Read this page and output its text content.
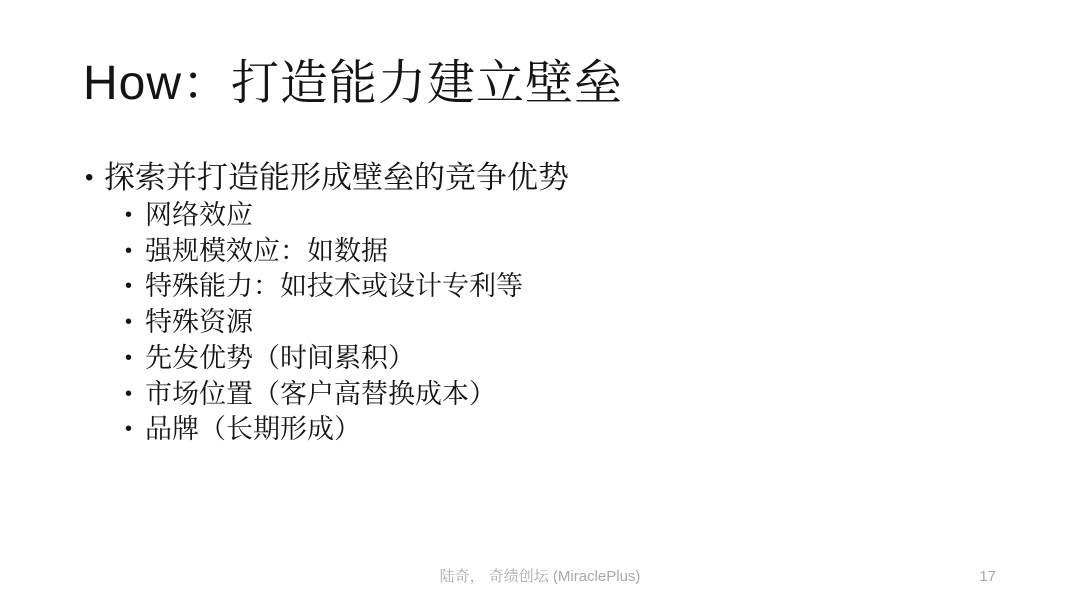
How：打造能力建立壁垒
• 探索并打造能形成壁垒的竞争优势
• 网络效应
• 强规模效应：如数据
• 特殊能力：如技术或设计专利等
• 特殊资源
• 先发优势（时间累积）
• 市场位置（客户高替换成本）
• 品牌（长期形成）
陆奇， 奇绩创坛 (MiraclePlus)	17
